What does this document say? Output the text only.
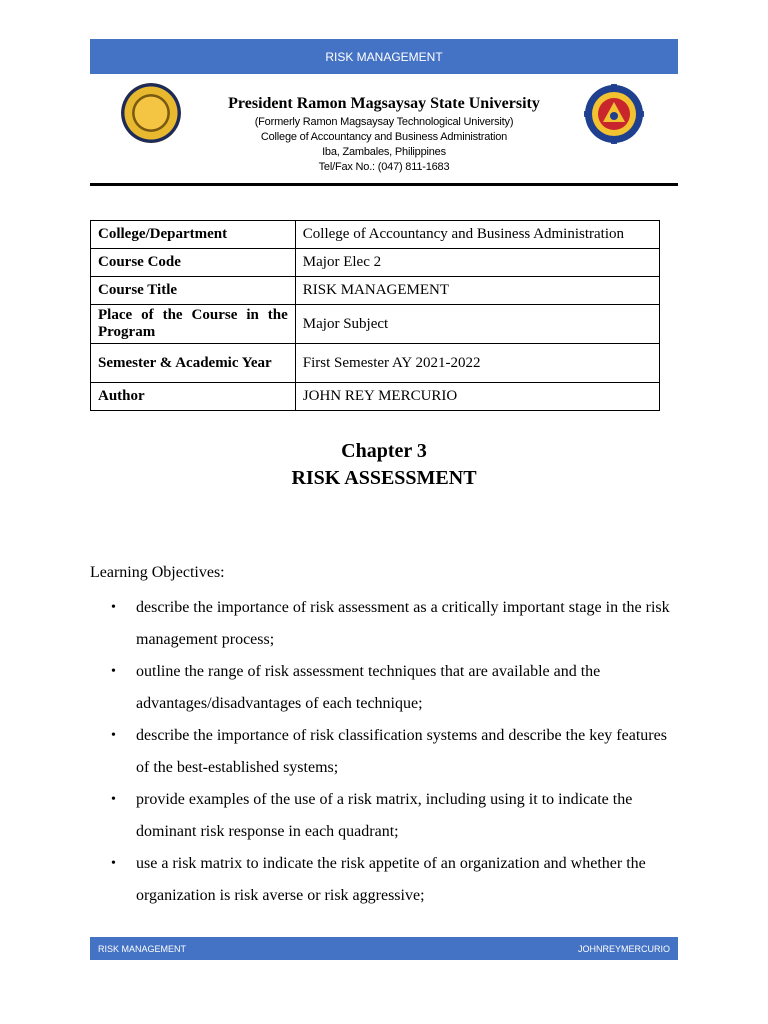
RISK MANAGEMENT
President Ramon Magsaysay State University
(Formerly Ramon Magsaysay Technological University)
College of Accountancy and Business Administration
Iba, Zambales, Philippines
Tel/Fax No.: (047) 811-1683
College/Department	College of Accountancy and Business Administration
Course Code	Major Elec 2
Course Title	RISK MANAGEMENT
Place of the Course in the Program	Major Subject
Semester & Academic Year	First Semester AY 2021-2022
Author	JOHN REY MERCURIO
Chapter 3
RISK ASSESSMENT
Learning Objectives:
• describe the importance of risk assessment as a critically important stage in the risk management process;
• outline the range of risk assessment techniques that are available and the advantages/disadvantages of each technique;
• describe the importance of risk classification systems and describe the key features of the best-established systems;
• provide examples of the use of a risk matrix, including using it to indicate the dominant risk response in each quadrant;
• use a risk matrix to indicate the risk appetite of an organization and whether the organization is risk averse or risk aggressive;
RISK MANAGEMENT	JOHNREYMERCURIO
